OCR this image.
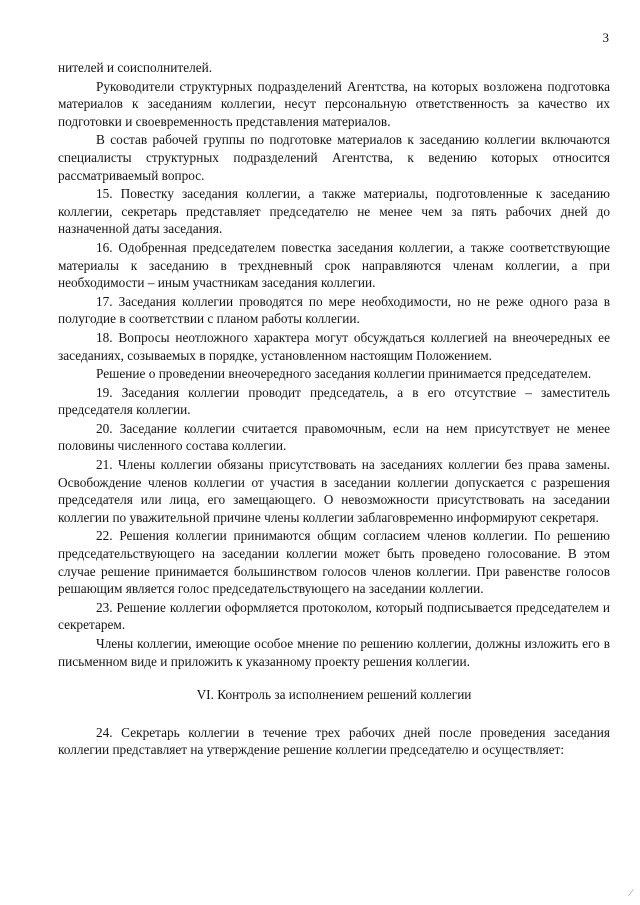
3

нителей и соисполнителей.

Руководители структурных подразделений Агентства, на которых возложена подготовка материалов к заседаниям коллегии, несут персональную ответственность за качество их подготовки и своевременность представления материалов.

В состав рабочей группы по подготовке материалов к заседанию коллегии включаются специалисты структурных подразделений Агентства, к ведению которых относится рассматриваемый вопрос.

15. Повестку заседания коллегии, а также материалы, подготовленные к заседанию коллегии, секретарь представляет председателю не менее чем за пять рабочих дней до назначенной даты заседания.

16. Одобренная председателем повестка заседания коллегии, а также соответствующие материалы к заседанию в трехдневный срок направляются членам коллегии, а при необходимости – иным участникам заседания коллегии.

17. Заседания коллегии проводятся по мере необходимости, но не реже одного раза в полугодие в соответствии с планом работы коллегии.

18. Вопросы неотложного характера могут обсуждаться коллегией на внеочередных ее заседаниях, созываемых в порядке, установленном настоящим Положением.

Решение о проведении внеочередного заседания коллегии принимается председателем.

19. Заседания коллегии проводит председатель, а в его отсутствие – заместитель председателя коллегии.

20. Заседание коллегии считается правомочным, если на нем присутствует не менее половины численного состава коллегии.

21. Члены коллегии обязаны присутствовать на заседаниях коллегии без права замены. Освобождение членов коллегии от участия в заседании коллегии допускается с разрешения председателя или лица, его замещающего. О невозможности присутствовать на заседании коллегии по уважительной причине члены коллегии заблаговременно информируют секретаря.

22. Решения коллегии принимаются общим согласием членов коллегии. По решению председательствующего на заседании коллегии может быть проведено голосование. В этом случае решение принимается большинством голосов членов коллегии. При равенстве голосов решающим является голос председательствующего на заседании коллегии.

23. Решение коллегии оформляется протоколом, который подписывается председателем и секретарем.

Члены коллегии, имеющие особое мнение по решению коллегии, должны изложить его в письменном виде и приложить к указанному проекту решения коллегии.

VI. Контроль за исполнением решений коллегии

24. Секретарь коллегии в течение трех рабочих дней после проведения заседания коллегии представляет на утверждение решение коллегии председателю и осуществляет:

⁄
